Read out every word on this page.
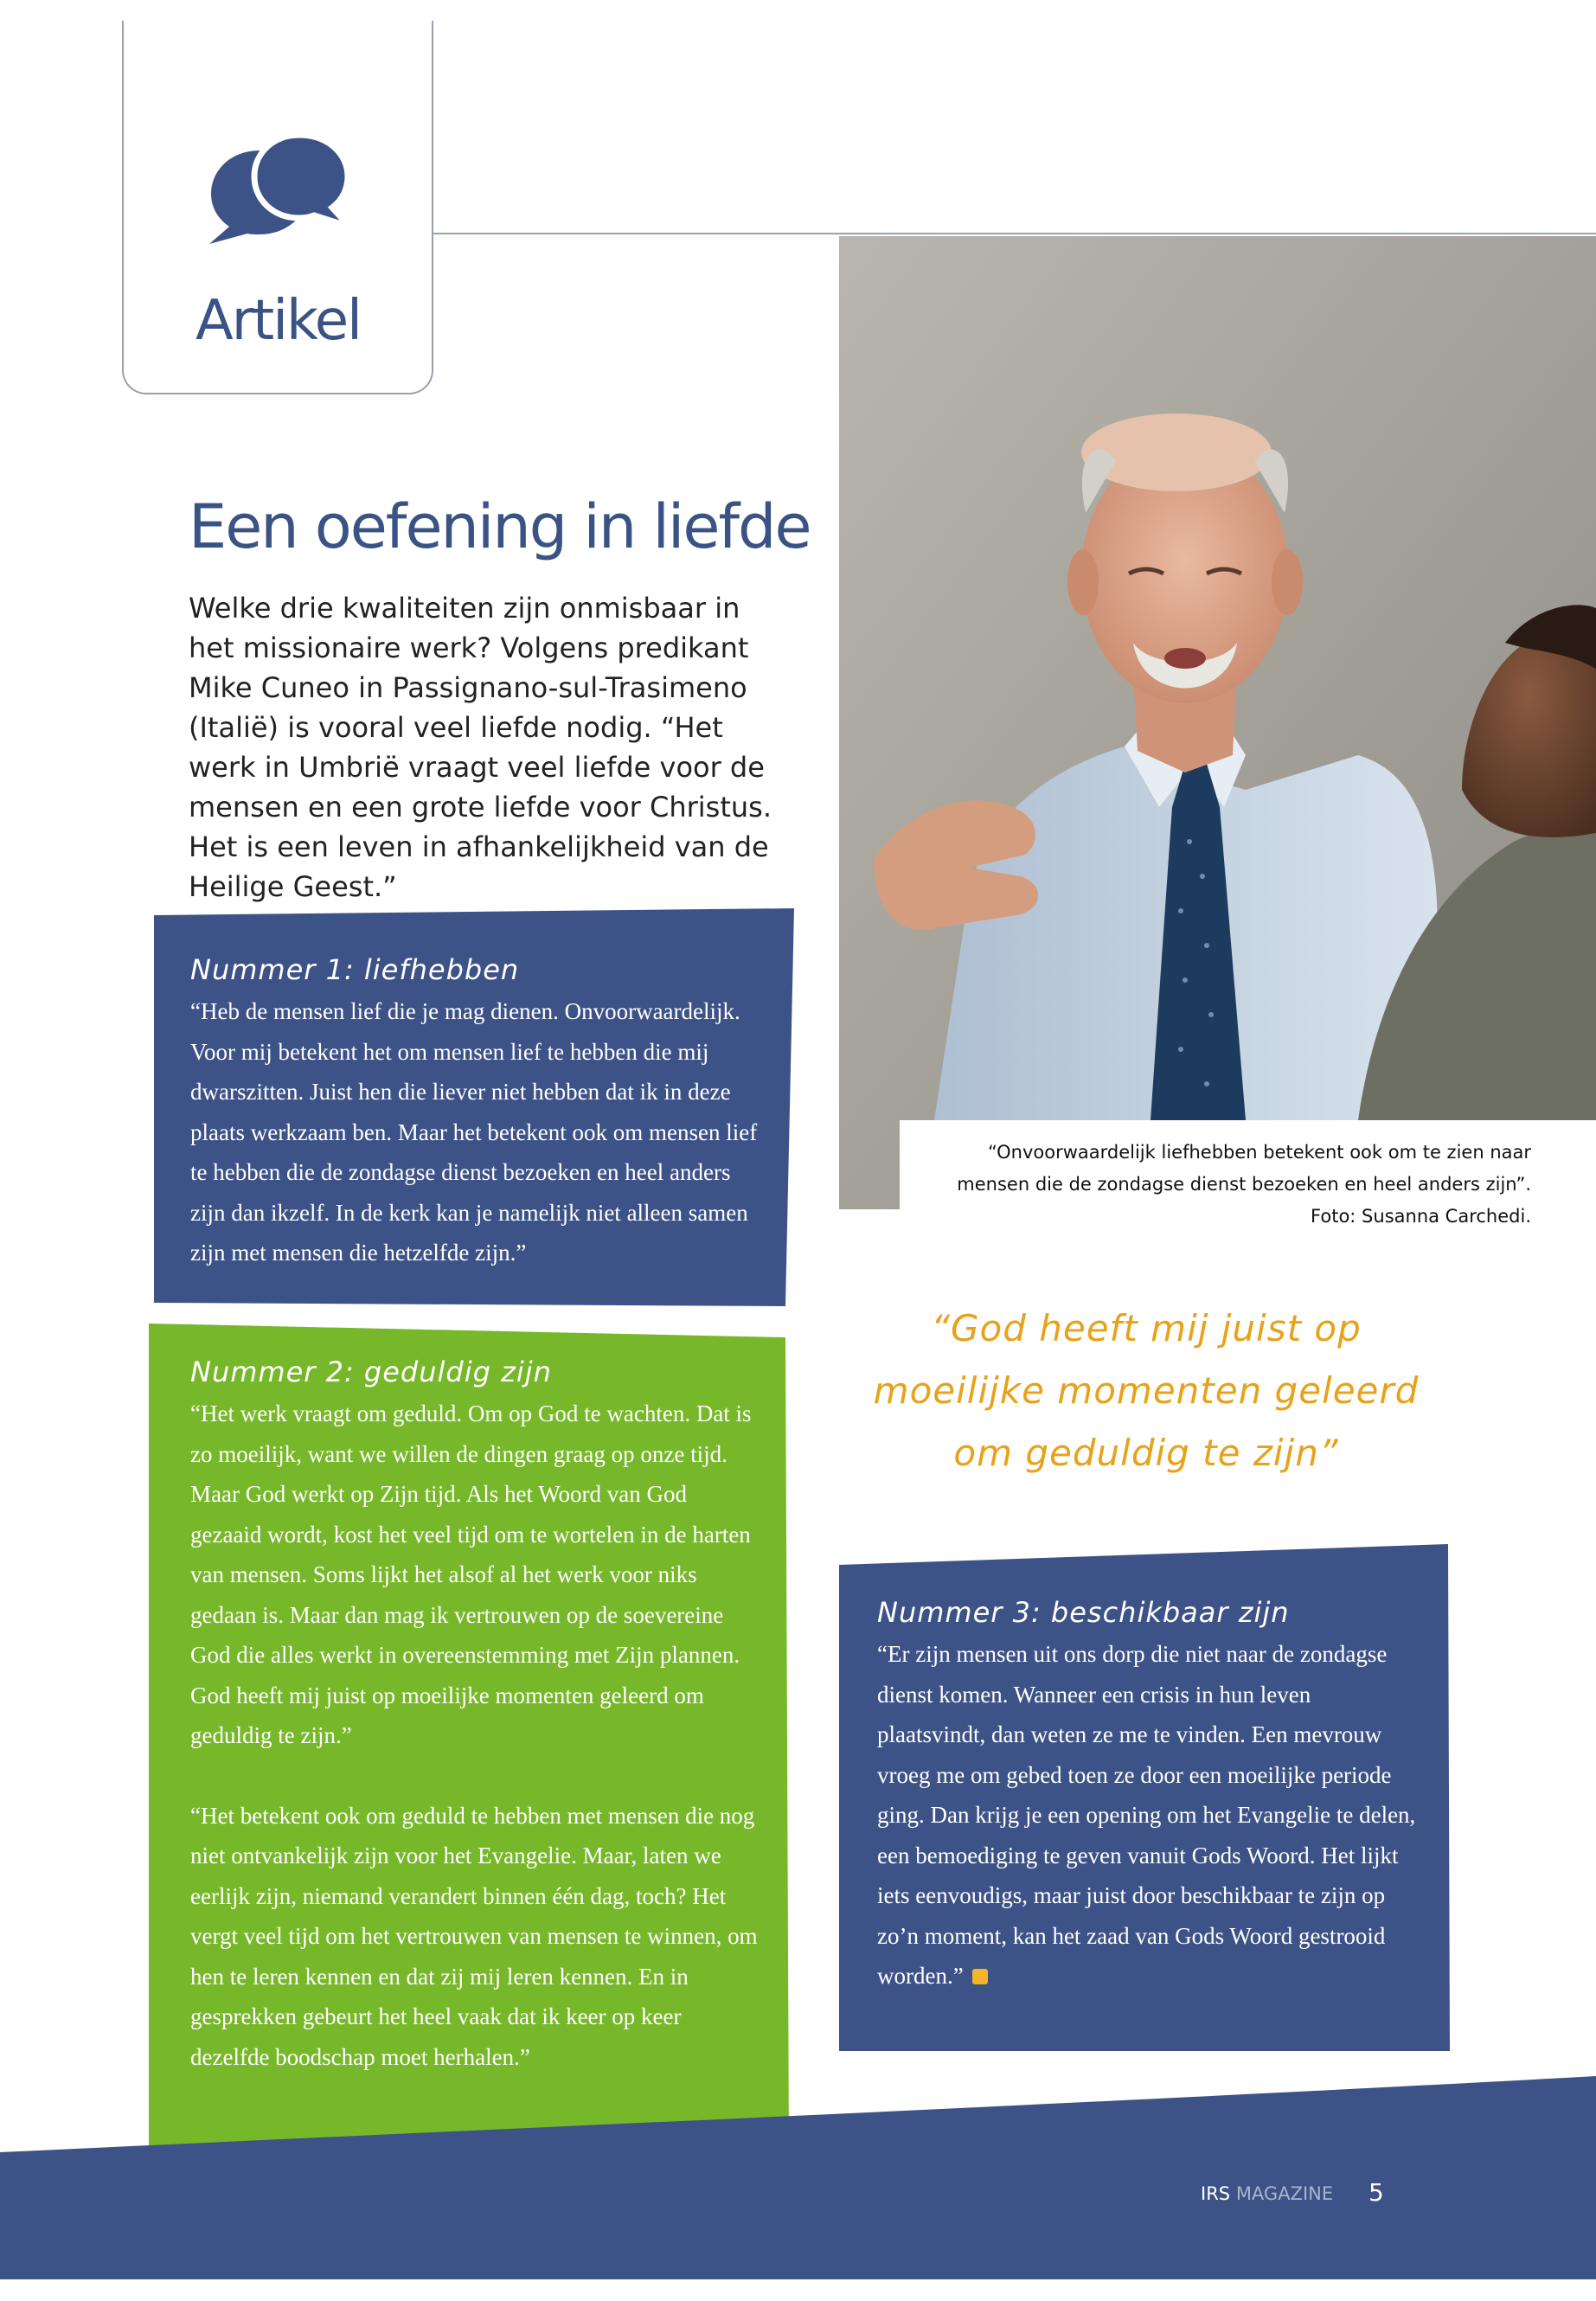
Artikel
Een oefening in liefde

Welke drie kwaliteiten zijn onmisbaar in het missionaire werk? Volgens predikant Mike Cuneo in Passignano-sul-Trasimeno (Italië) is vooral veel liefde nodig. “Het werk in Umbrië vraagt veel liefde voor de mensen en een grote liefde voor Christus. Het is een leven in afhankelijkheid van de Heilige Geest.”

“Onvoorwaardelijk liefhebben betekent ook om te zien naar
mensen die de zondagse dienst bezoeken en heel anders zijn”.
Foto: Susanna Carchedi.
Nummer 1: liefhebben

“Heb de mensen lief die je mag dienen. Onvoorwaardelijk. Voor mij betekent het om mensen lief te hebben die mij dwarszitten. Juist hen die liever niet hebben dat ik in deze plaats werkzaam ben. Maar het betekent ook om mensen lief te hebben die de zondagse dienst bezoeken en heel anders zijn dan ikzelf. In de kerk kan je namelijk niet alleen samen zijn met mensen die hetzelfde zijn.”

“God heeft mij juist op moeilijke momenten geleerd om geduldig te zijn”
Nummer 2: geduldig zijn

“Het werk vraagt om geduld. Om op God te wachten. Dat is zo moeilijk, want we willen de dingen graag op onze tijd. Maar God werkt op Zijn tijd. Als het Woord van God gezaaid wordt, kost het veel tijd om te wortelen in de harten van mensen. Soms lijkt het alsof al het werk voor niks gedaan is. Maar dan mag ik vertrouwen op de soevereine God die alles werkt in overeenstemming met Zijn plannen. God heeft mij juist op moeilijke momenten geleerd om geduldig te zijn.”

“Het betekent ook om geduld te hebben met mensen die nog niet ontvankelijk zijn voor het Evangelie. Maar, laten we eerlijk zijn, niemand verandert binnen één dag, toch? Het vergt veel tijd om het vertrouwen van mensen te winnen, om hen te leren kennen en dat zij mij leren kennen. En in gesprekken gebeurt het heel vaak dat ik keer op keer dezelfde boodschap moet herhalen.”

Nummer 3: beschikbaar zijn

“Er zijn mensen uit ons dorp die niet naar de zondagse dienst komen. Wanneer een crisis in hun leven plaatsvindt, dan weten ze me te vinden. Een mevrouw vroeg me om gebed toen ze door een moeilijke periode ging. Dan krijg je een opening om het Evangelie te delen, een bemoediging te geven vanuit Gods Woord. Het lijkt iets eenvoudigs, maar juist door beschikbaar te zijn op zo’n moment, kan het zaad van Gods Woord gestrooid worden.”

IRS MAGAZINE 5
